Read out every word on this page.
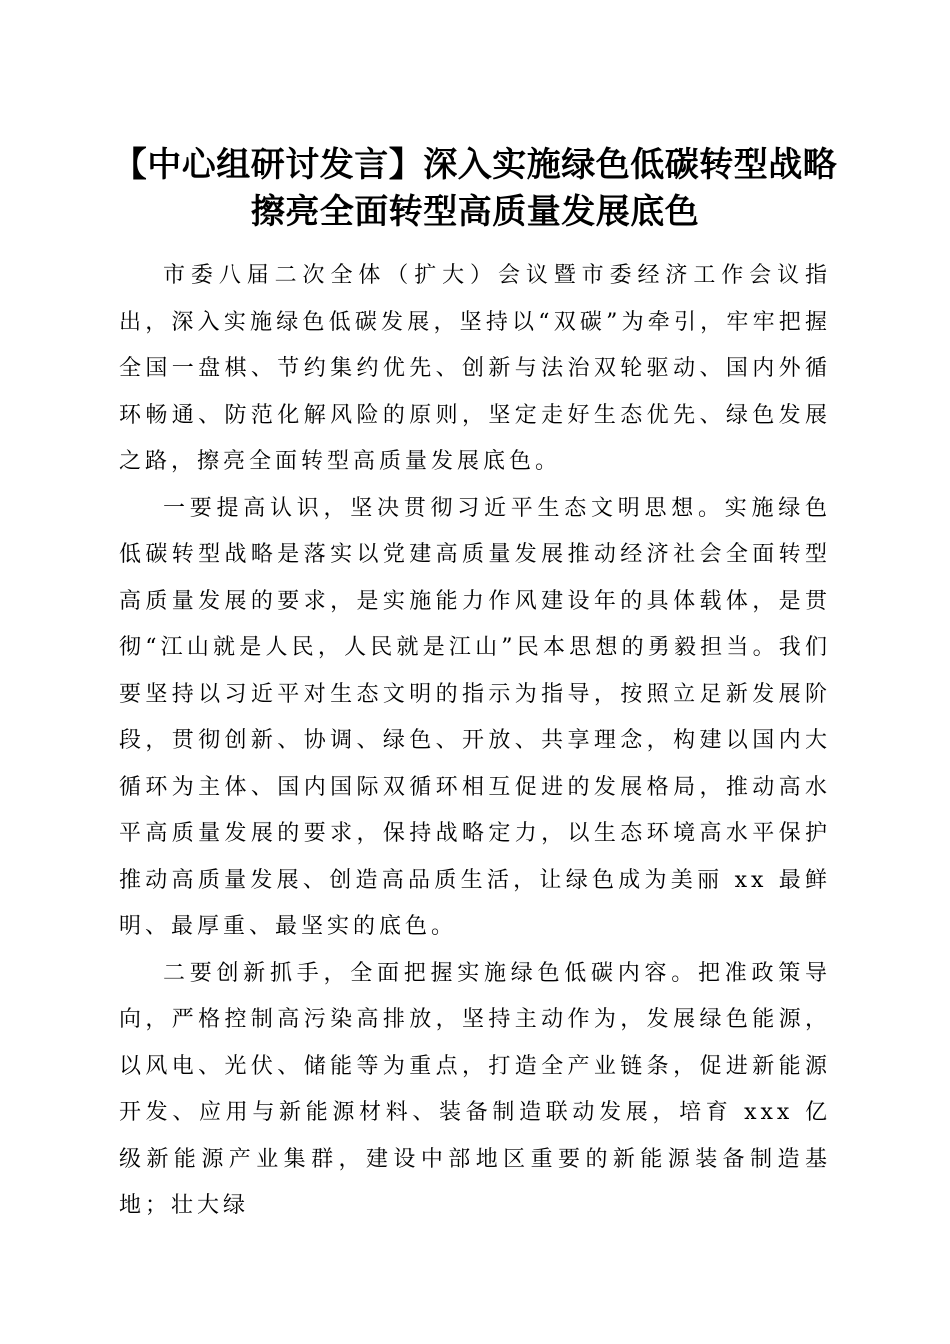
【中心组研讨发言】深入实施绿色低碳转型战略擦亮全面转型高质量发展底色

市委八届二次全体（扩大）会议暨市委经济工作会议指出，深入实施绿色低碳发展，坚持以“双碳”为牵引，牢牢把握全国一盘棋、节约集约优先、创新与法治双轮驱动、国内外循环畅通、防范化解风险的原则，坚定走好生态优先、绿色发展之路，擦亮全面转型高质量发展底色。

一要提高认识，坚决贯彻习近平生态文明思想。实施绿色低碳转型战略是落实以党建高质量发展推动经济社会全面转型高质量发展的要求，是实施能力作风建设年的具体载体，是贯彻“江山就是人民，人民就是江山”民本思想的勇毅担当。我们要坚持以习近平对生态文明的指示为指导，按照立足新发展阶段，贯彻创新、协调、绿色、开放、共享理念，构建以国内大循环为主体、国内国际双循环相互促进的发展格局，推动高水平高质量发展的要求，保持战略定力，以生态环境高水平保护推动高质量发展、创造高品质生活，让绿色成为美丽 xx 最鲜明、最厚重、最坚实的底色。

二要创新抓手，全面把握实施绿色低碳内容。把准政策导向，严格控制高污染高排放，坚持主动作为，发展绿色能源，以风电、光伏、储能等为重点，打造全产业链条，促进新能源开发、应用与新能源材料、装备制造联动发展，培育 xxx 亿级新能源产业集群，建设中部地区重要的新能源装备制造基地；壮大绿
